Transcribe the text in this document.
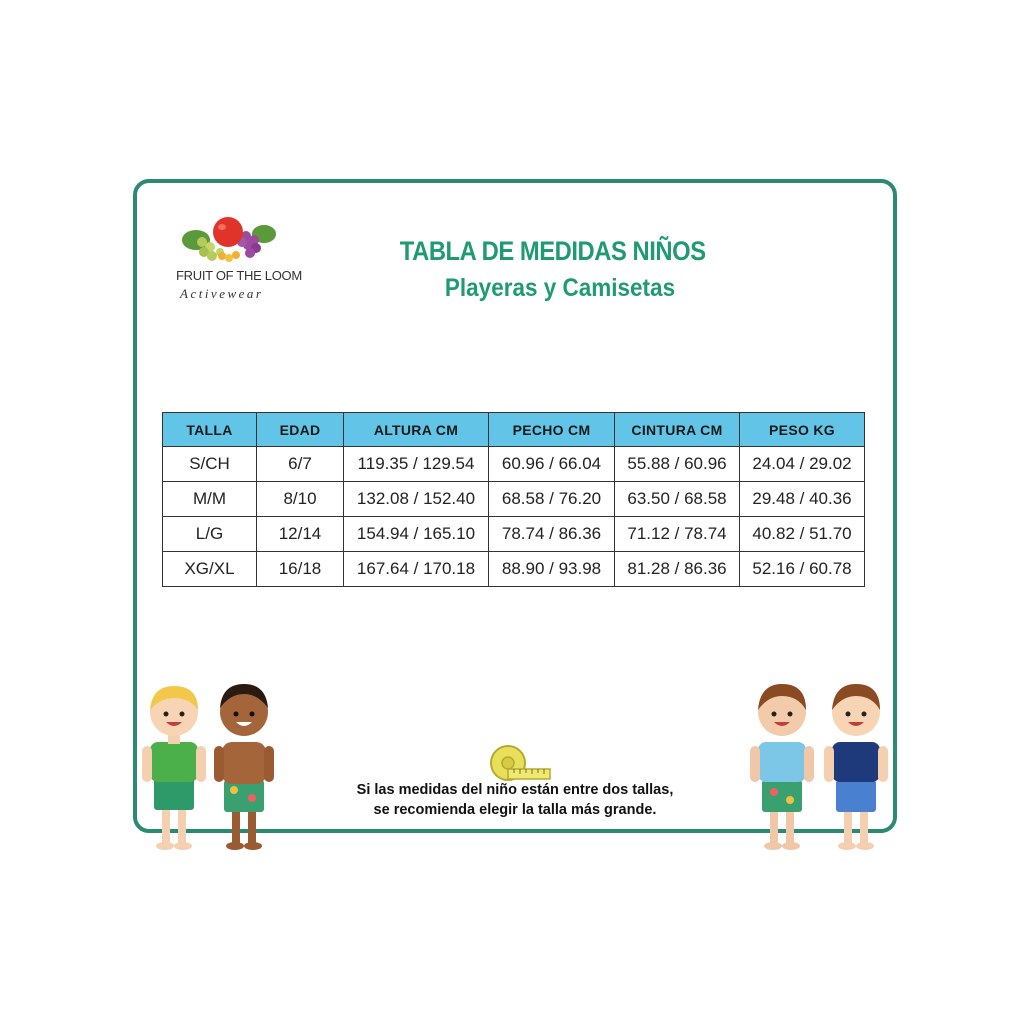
FRUIT OF THE LOOM
Activewear
TABLA DE MEDIDAS NIÑOS
Playeras y Camisetas
TALLA	EDAD	ALTURA CM	PECHO CM	CINTURA CM	PESO KG
S/CH	6/7	119.35 / 129.54	60.96 / 66.04	55.88 / 60.96	24.04 / 29.02
M/M	8/10	132.08 / 152.40	68.58 / 76.20	63.50 / 68.58	29.48 / 40.36
L/G	12/14	154.94 / 165.10	78.74 / 86.36	71.12 / 78.74	40.82 / 51.70
XG/XL	16/18	167.64 / 170.18	88.90 / 93.98	81.28 / 86.36	52.16 / 60.78
Si las medidas del niño están entre dos tallas,
se recomienda elegir la talla más grande.
